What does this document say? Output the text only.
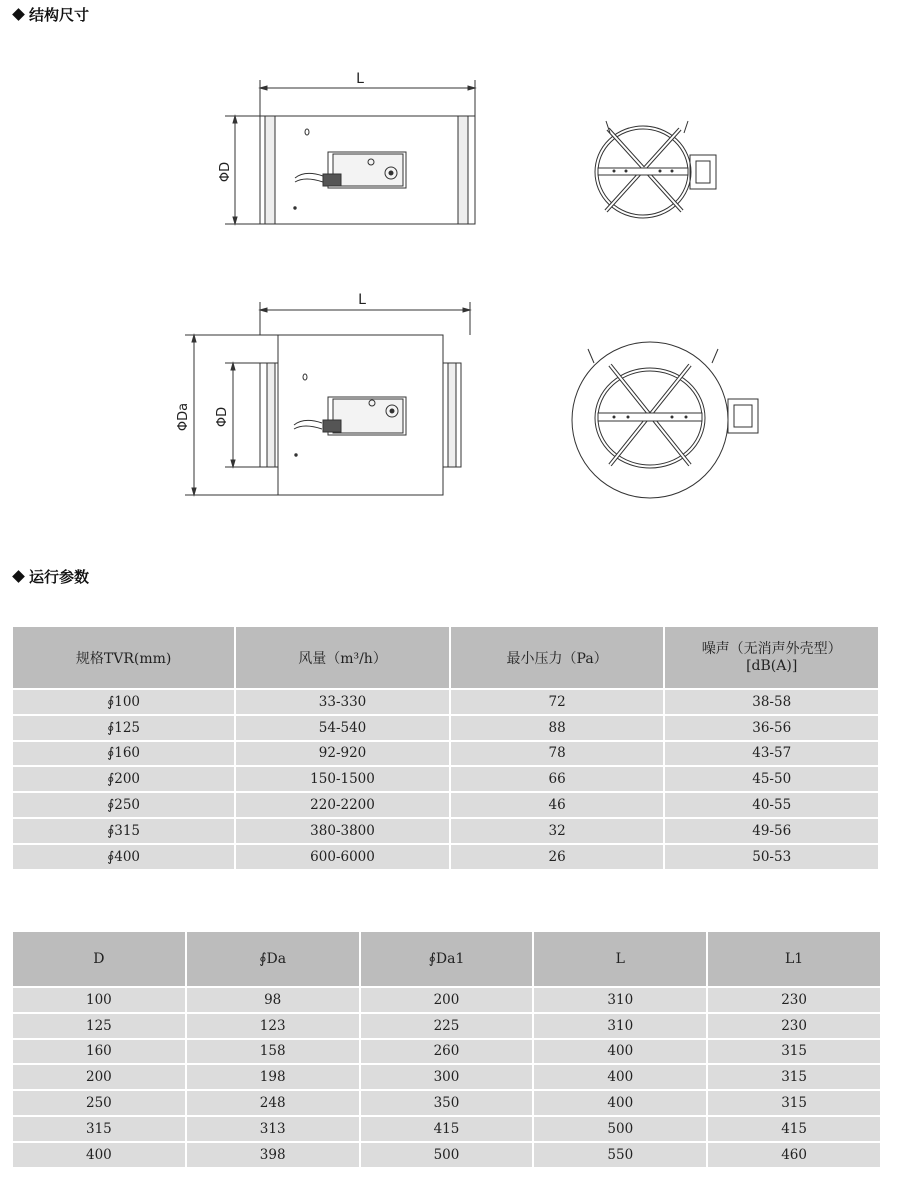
结构尺寸
L
ΦD
L
ΦDa ΦD
运行参数
规格TVR(mm)	风量（m³/h）	最小压力（Pa）	噪声（无消声外壳型）
[dB(A)]

∮100	33-330	72	38-58
∮125	54-540	88	36-56
∮160	92-920	78	43-57
∮200	150-1500	66	45-50
∮250	220-2200	46	40-55
∮315	380-3800	32	49-56
∮400	600-6000	26	50-53
D	∮Da	∮Da1	L	L1
100	98	200	310	230
125	123	225	310	230
160	158	260	400	315
200	198	300	400	315
250	248	350	400	315
315	313	415	500	415
400	398	500	550	460
